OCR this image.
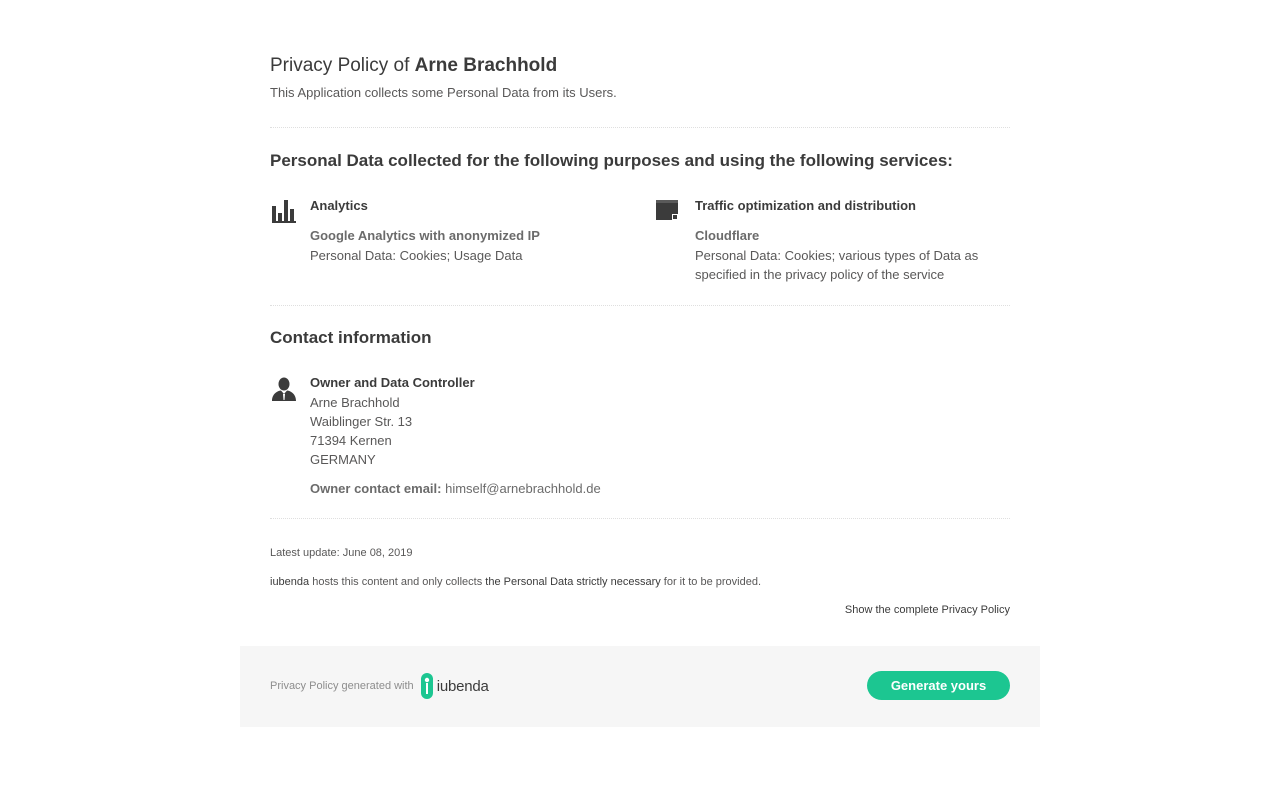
Privacy Policy of Arne Brachhold
This Application collects some Personal Data from its Users.
Personal Data collected for the following purposes and using the following services:
Analytics
Google Analytics with anonymized IP
Personal Data: Cookies; Usage Data
Traffic optimization and distribution
Cloudflare
Personal Data: Cookies; various types of Data as specified in the privacy policy of the service
Contact information
Owner and Data Controller
Arne Brachhold
Waiblinger Str. 13
71394 Kernen
GERMANY
Owner contact email: himself@arnebrachhold.de
Latest update: June 08, 2019
iubenda hosts this content and only collects the Personal Data strictly necessary for it to be provided.
Show the complete Privacy Policy
Privacy Policy generated with iubenda	Generate yours
